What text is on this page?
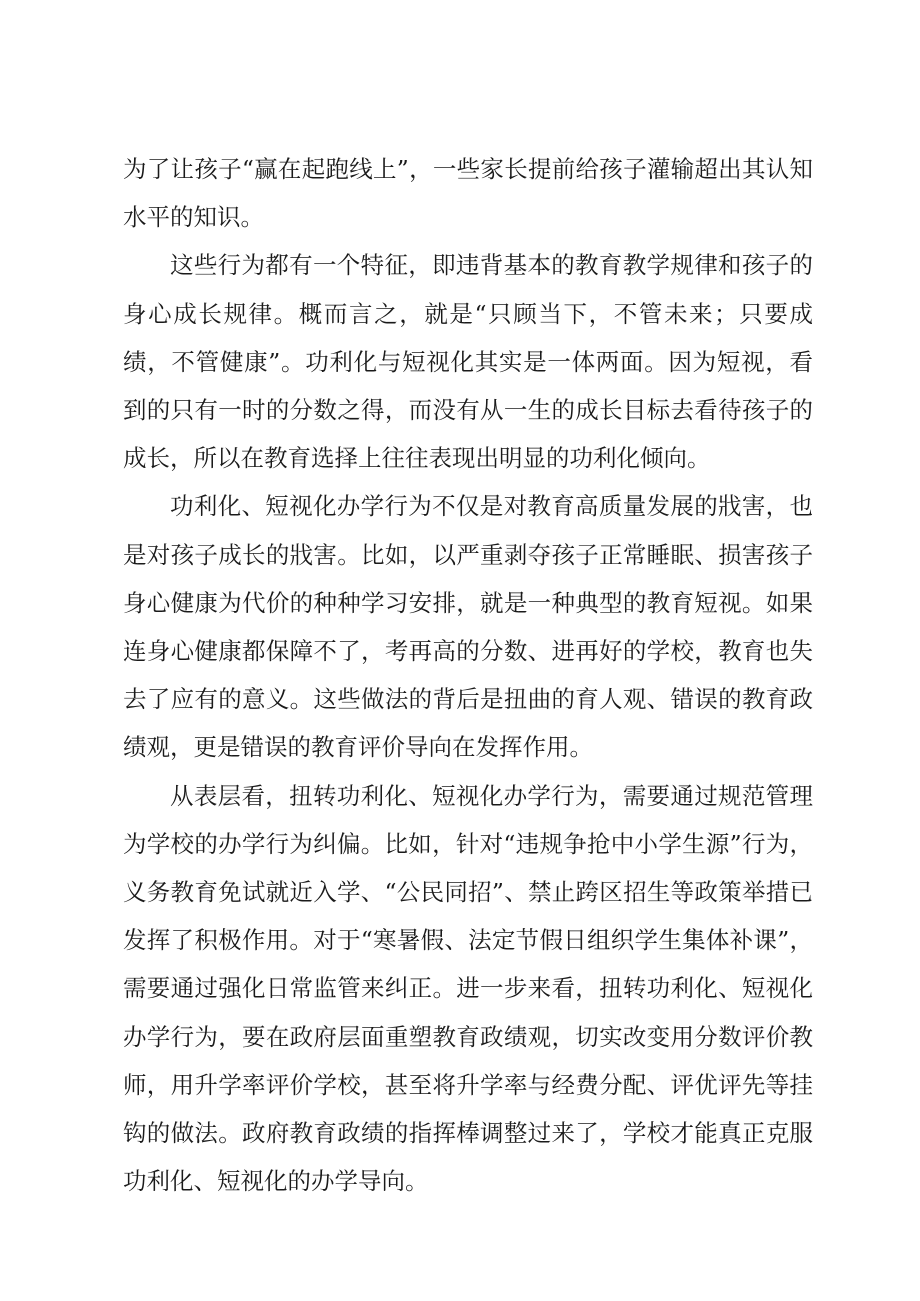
为了让孩子“赢在起跑线上”，一些家长提前给孩子灌输超出其认知水平的知识。

这些行为都有一个特征，即违背基本的教育教学规律和孩子的身心成长规律。概而言之，就是“只顾当下，不管未来；只要成绩，不管健康”。功利化与短视化其实是一体两面。因为短视，看到的只有一时的分数之得，而没有从一生的成长目标去看待孩子的成长，所以在教育选择上往往表现出明显的功利化倾向。

功利化、短视化办学行为不仅是对教育高质量发展的戕害，也是对孩子成长的戕害。比如，以严重剥夺孩子正常睡眠、损害孩子身心健康为代价的种种学习安排，就是一种典型的教育短视。如果连身心健康都保障不了，考再高的分数、进再好的学校，教育也失去了应有的意义。这些做法的背后是扭曲的育人观、错误的教育政绩观，更是错误的教育评价导向在发挥作用。

从表层看，扭转功利化、短视化办学行为，需要通过规范管理为学校的办学行为纠偏。比如，针对“违规争抢中小学生源”行为，义务教育免试就近入学、“公民同招”、禁止跨区招生等政策举措已发挥了积极作用。对于“寒暑假、法定节假日组织学生集体补课”，需要通过强化日常监管来纠正。进一步来看，扭转功利化、短视化办学行为，要在政府层面重塑教育政绩观，切实改变用分数评价教师，用升学率评价学校，甚至将升学率与经费分配、评优评先等挂钩的做法。政府教育政绩的指挥棒调整过来了，学校才能真正克服功利化、短视化的办学导向。
